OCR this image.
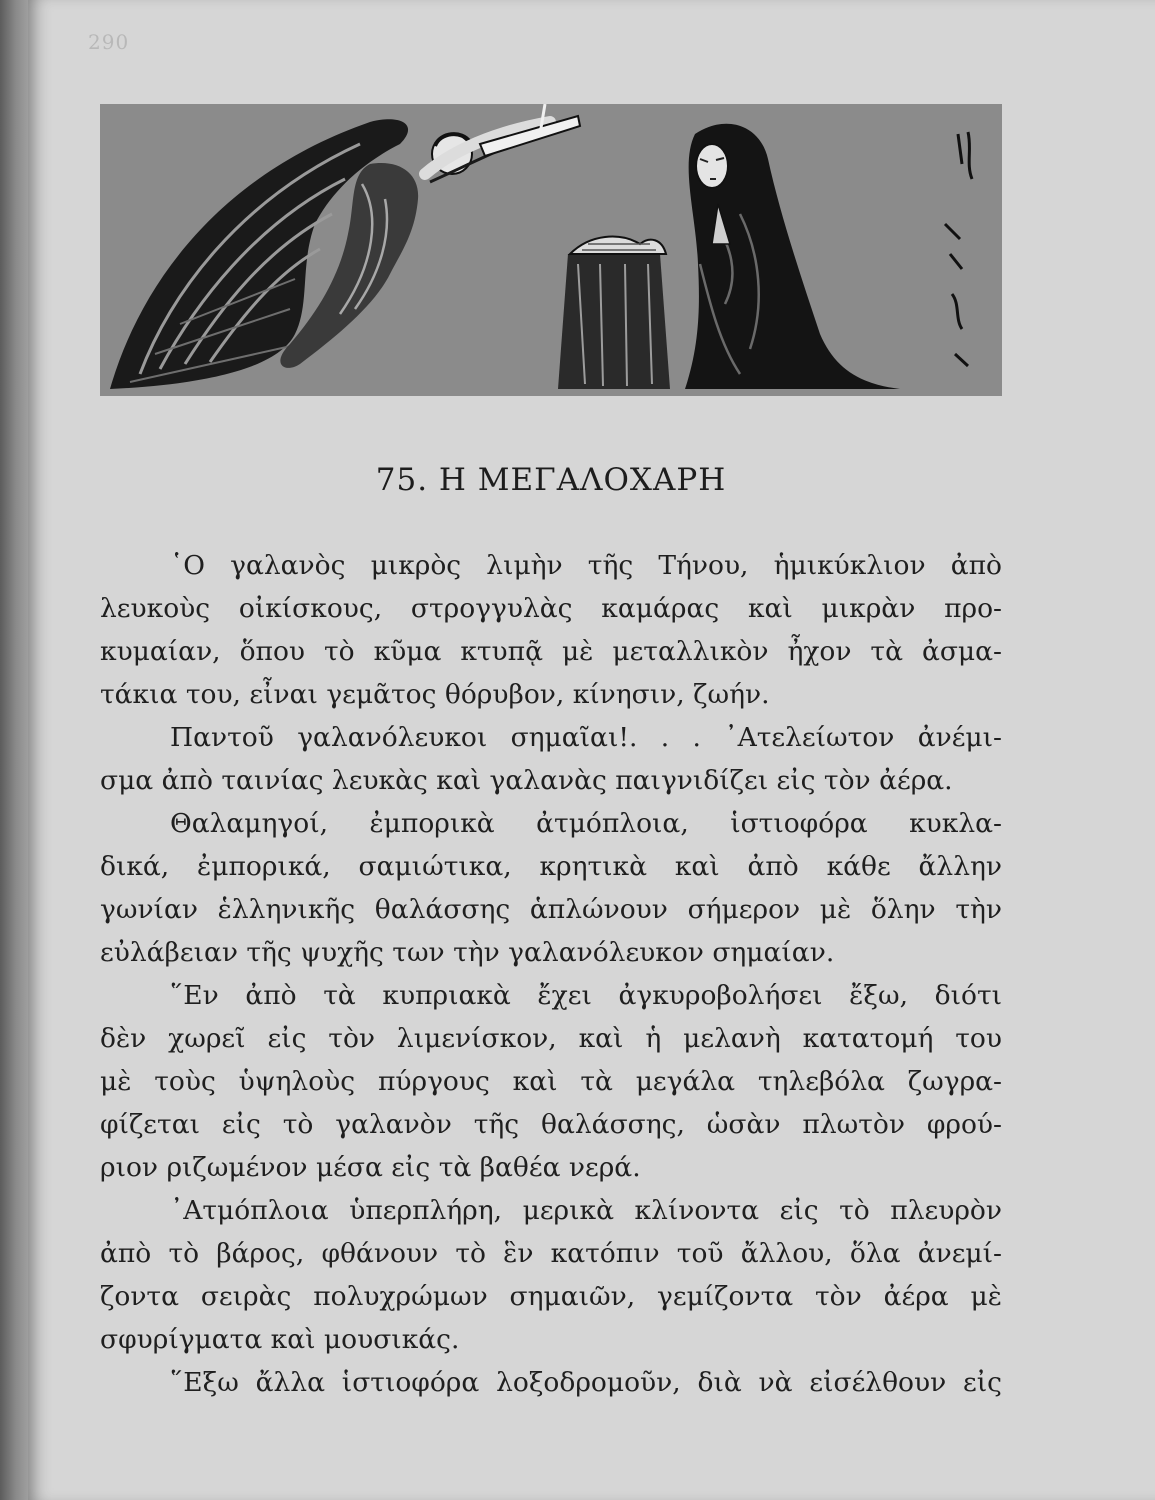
290
75. Η ΜΕΓΑΛΟΧΑΡΗ
῾Ο γαλανὸς μικρὸς λιμὴν τῆς Τήνου, ἡμικύκλιον ἀπὸ
λευκοὺς οἰκίσκους, στρογγυλὰς καμάρας καὶ μικρὰν προ-
κυμαίαν, ὅπου τὸ κῦμα κτυπᾷ μὲ μεταλλικὸν ἦχον τὰ ἀσμα-
τάκια του, εἶναι γεμᾶτος θόρυβον, κίνησιν, ζωήν.
Παντοῦ γαλανόλευκοι σημαῖαι!. . . ᾽Ατελείωτον ἀνέμι-
σμα ἀπὸ ταινίας λευκὰς καὶ γαλανὰς παιγνιδίζει εἰς τὸν ἀέρα.
Θαλαμηγοί, ἐμπορικὰ ἀτμόπλοια, ἱστιοφόρα κυκλα-
δικά, ἐμπορικά, σαμιώτικα, κρητικὰ καὶ ἀπὸ κάθε ἄλλην
γωνίαν ἑλληνικῆς θαλάσσης ἁπλώνουν σήμερον μὲ ὅλην τὴν
εὐλάβειαν τῆς ψυχῆς των τὴν γαλανόλευκον σημαίαν.
῞Εν ἀπὸ τὰ κυπριακὰ ἔχει ἀγκυροβολήσει ἔξω, διότι
δὲν χωρεῖ εἰς τὸν λιμενίσκον, καὶ ἡ μελανὴ κατατομή του
μὲ τοὺς ὑψηλοὺς πύργους καὶ τὰ μεγάλα τηλεβόλα ζωγρα-
φίζεται εἰς τὸ γαλανὸν τῆς θαλάσσης, ὡσὰν πλωτὸν φρού-
ριον ριζωμένον μέσα εἰς τὰ βαθέα νερά.
᾽Ατμόπλοια ὑπερπλήρη, μερικὰ κλίνοντα εἰς τὸ πλευρὸν
ἀπὸ τὸ βάρος, φθάνουν τὸ ἓν κατόπιν τοῦ ἄλλου, ὅλα ἀνεμί-
ζοντα σειρὰς πολυχρώμων σημαιῶν, γεμίζοντα τὸν ἀέρα μὲ
σφυρίγματα καὶ μουσικάς.
῞Εξω ἄλλα ἱστιοφόρα λοξοδρομοῦν, διὰ νὰ εἰσέλθουν εἰς
